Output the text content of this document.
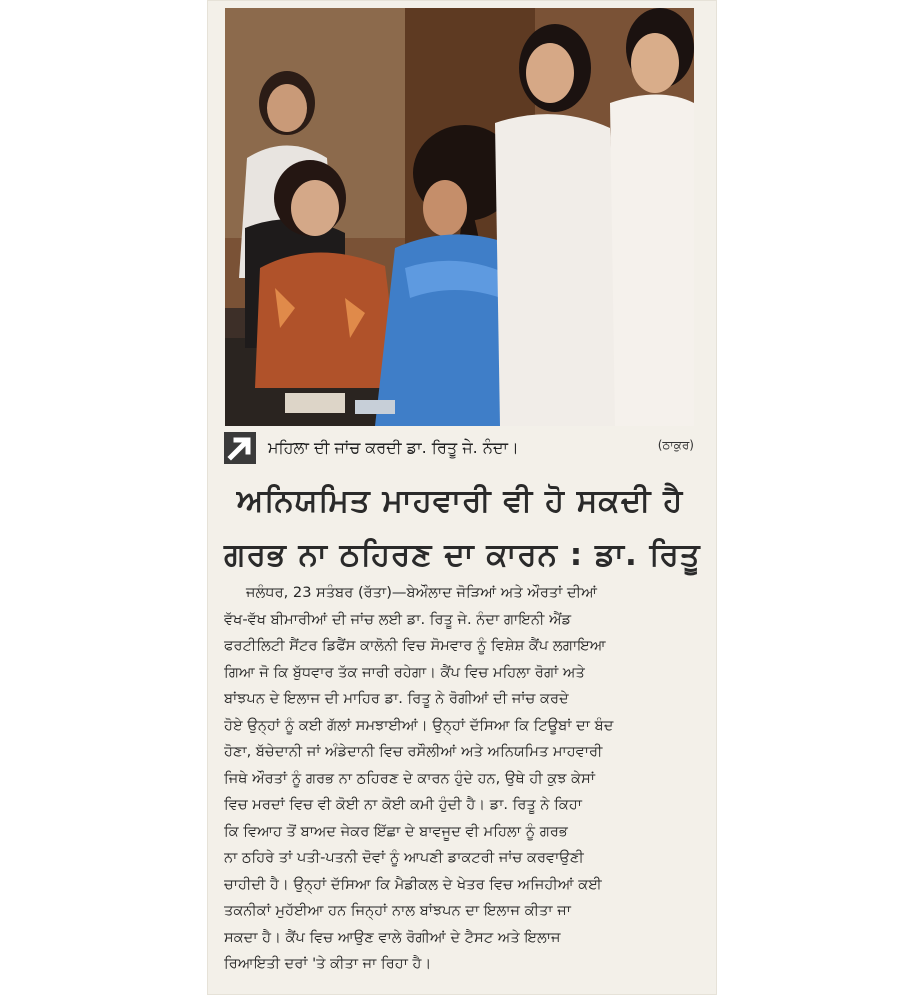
ਮਹਿਲਾ ਦੀ ਜਾਂਚ ਕਰਦੀ ਡਾ. ਰਿਤੂ ਜੇ. ਨੰਦਾ।	(ਠਾਕੁਰ)
ਅਨਿਯਮਿਤ ਮਾਹਵਾਰੀ ਵੀ ਹੋ ਸਕਦੀ ਹੈ
ਗਰਭ ਨਾ ਠਹਿਰਣ ਦਾ ਕਾਰਨ : ਡਾ. ਰਿਤੂ
ਜਲੰਧਰ, 23 ਸਤੰਬਰ (ਰੱਤਾ)—ਬੇਔਲਾਦ ਜੋੜਿਆਂ ਅਤੇ ਔਰਤਾਂ ਦੀਆਂ
ਵੱਖ-ਵੱਖ ਬੀਮਾਰੀਆਂ ਦੀ ਜਾਂਚ ਲਈ ਡਾ. ਰਿਤੂ ਜੇ. ਨੰਦਾ ਗਾਇਨੀ ਐਂਡ
ਫਰਟੀਲਿਟੀ ਸੈਂਟਰ ਡਿਫੈਂਸ ਕਾਲੋਨੀ ਵਿਚ ਸੋਮਵਾਰ ਨੂੰ ਵਿਸ਼ੇਸ਼ ਕੈਂਪ ਲਗਾਇਆ
ਗਿਆ ਜੋ ਕਿ ਬੁੱਧਵਾਰ ਤੱਕ ਜਾਰੀ ਰਹੇਗਾ। ਕੈਂਪ ਵਿਚ ਮਹਿਲਾ ਰੋਗਾਂ ਅਤੇ
ਬਾਂਝਪਨ ਦੇ ਇਲਾਜ ਦੀ ਮਾਹਿਰ ਡਾ. ਰਿਤੂ ਨੇ ਰੋਗੀਆਂ ਦੀ ਜਾਂਚ ਕਰਦੇ
ਹੋਏ ਉਨ੍ਹਾਂ ਨੂੰ ਕਈ ਗੱਲਾਂ ਸਮਝਾਈਆਂ। ਉਨ੍ਹਾਂ ਦੱਸਿਆ ਕਿ ਟਿਊਬਾਂ ਦਾ ਬੰਦ
ਹੋਣਾ, ਬੱਚੇਦਾਨੀ ਜਾਂ ਅੰਡੇਦਾਨੀ ਵਿਚ ਰਸੌਲੀਆਂ ਅਤੇ ਅਨਿਯਮਿਤ ਮਾਹਵਾਰੀ
ਜਿਥੇ ਔਰਤਾਂ ਨੂੰ ਗਰਭ ਨਾ ਠਹਿਰਣ ਦੇ ਕਾਰਨ ਹੁੰਦੇ ਹਨ, ਉਥੇ ਹੀ ਕੁਝ ਕੇਸਾਂ
ਵਿਚ ਮਰਦਾਂ ਵਿਚ ਵੀ ਕੋਈ ਨਾ ਕੋਈ ਕਮੀ ਹੁੰਦੀ ਹੈ। ਡਾ. ਰਿਤੂ ਨੇ ਕਿਹਾ
ਕਿ ਵਿਆਹ ਤੋਂ ਬਾਅਦ ਜੇਕਰ ਇੱਛਾ ਦੇ ਬਾਵਜੂਦ ਵੀ ਮਹਿਲਾ ਨੂੰ ਗਰਭ
ਨਾ ਠਹਿਰੇ ਤਾਂ ਪਤੀ-ਪਤਨੀ ਦੋਵਾਂ ਨੂੰ ਆਪਣੀ ਡਾਕਟਰੀ ਜਾਂਚ ਕਰਵਾਉਣੀ
ਚਾਹੀਦੀ ਹੈ। ਉਨ੍ਹਾਂ ਦੱਸਿਆ ਕਿ ਮੈਡੀਕਲ ਦੇ ਖੇਤਰ ਵਿਚ ਅਜਿਹੀਆਂ ਕਈ
ਤਕਨੀਕਾਂ ਮੁਹੱਈਆ ਹਨ ਜਿਨ੍ਹਾਂ ਨਾਲ ਬਾਂਝਪਨ ਦਾ ਇਲਾਜ ਕੀਤਾ ਜਾ
ਸਕਦਾ ਹੈ। ਕੈਂਪ ਵਿਚ ਆਉਣ ਵਾਲੇ ਰੋਗੀਆਂ ਦੇ ਟੈਸਟ ਅਤੇ ਇਲਾਜ
ਰਿਆਇਤੀ ਦਰਾਂ 'ਤੇ ਕੀਤਾ ਜਾ ਰਿਹਾ ਹੈ।
